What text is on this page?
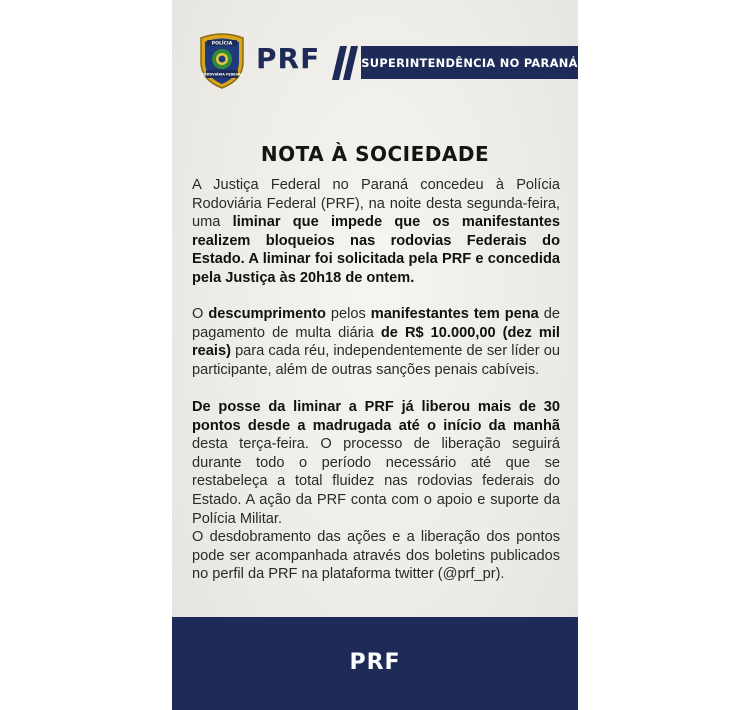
POLÍCIA
RODOVIÁRIA FEDERAL PRF	SUPERINTENDÊNCIA NO PARANÁ
NOTA À SOCIEDADE

A Justiça Federal no Paraná concedeu à Polícia Rodoviária Federal (PRF), na noite desta segunda-feira, uma liminar que impede que os manifestantes realizem bloqueios nas rodovias Federais do Estado. A liminar foi solicitada pela PRF e concedida pela Justiça às 20h18 de ontem.

O descumprimento pelos manifestantes tem pena de pagamento de multa diária de R$ 10.000,00 (dez mil reais) para cada réu, independentemente de ser líder ou participante, além de outras sanções penais cabíveis.

De posse da liminar a PRF já liberou mais de 30 pontos desde a madrugada até o início da manhã desta terça-feira. O processo de liberação seguirá durante todo o período necessário até que se restabeleça a total fluidez nas rodovias federais do Estado. A ação da PRF conta com o apoio e suporte da Polícia Militar.

O desdobramento das ações e a liberação dos pontos pode ser acompanhada através dos boletins publicados no perfil da PRF na plataforma twitter (@prf_pr).

PRF
